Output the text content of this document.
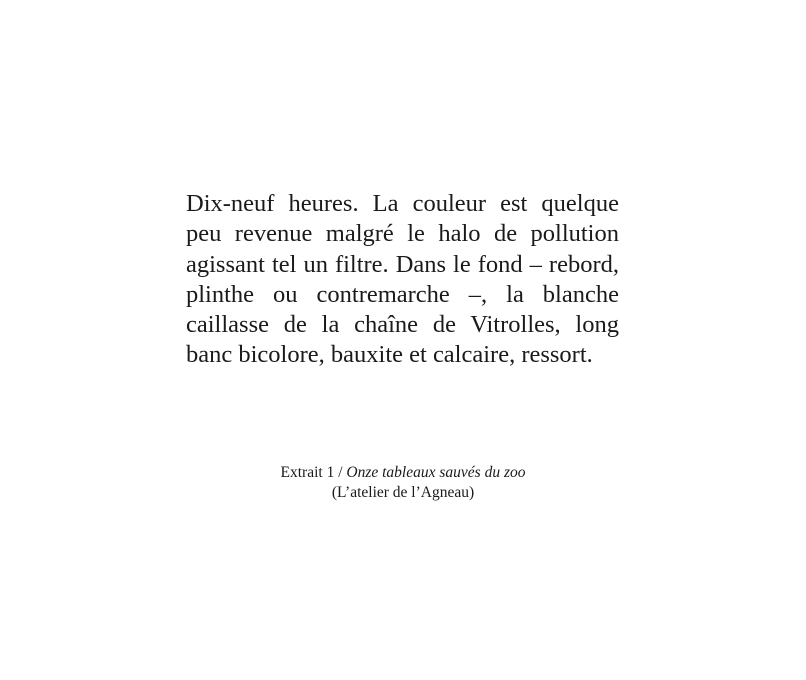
Dix-neuf heures. La couleur est quelque
peu revenue malgré le halo de pollution
agissant tel un filtre. Dans le fond – rebord,
plinthe ou contremarche –, la blanche
caillasse de la chaîne de Vitrolles, long
banc bicolore, bauxite et calcaire, ressort.
Extrait 1 / Onze tableaux sauvés du zoo
(L’atelier de l’Agneau)
